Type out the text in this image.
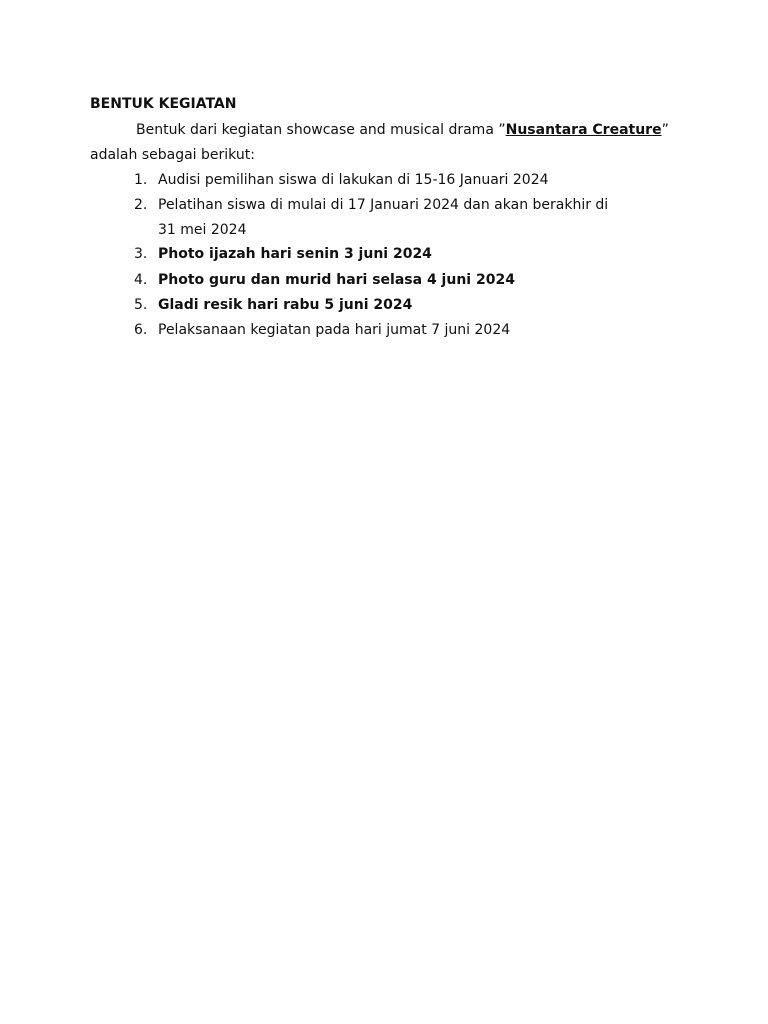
BENTUK KEGIATAN
Bentuk dari kegiatan showcase and musical drama ”Nusantara Creature”
adalah sebagai berikut:
1. Audisi pemilihan siswa di lakukan di 15-16 Januari 2024
2. Pelatihan siswa di mulai di 17 Januari 2024 dan akan berakhir di
31 mei 2024
3. Photo ijazah hari senin 3 juni 2024
4. Photo guru dan murid hari selasa 4 juni 2024
5. Gladi resik hari rabu 5 juni 2024
6. Pelaksanaan kegiatan pada hari jumat 7 juni 2024
